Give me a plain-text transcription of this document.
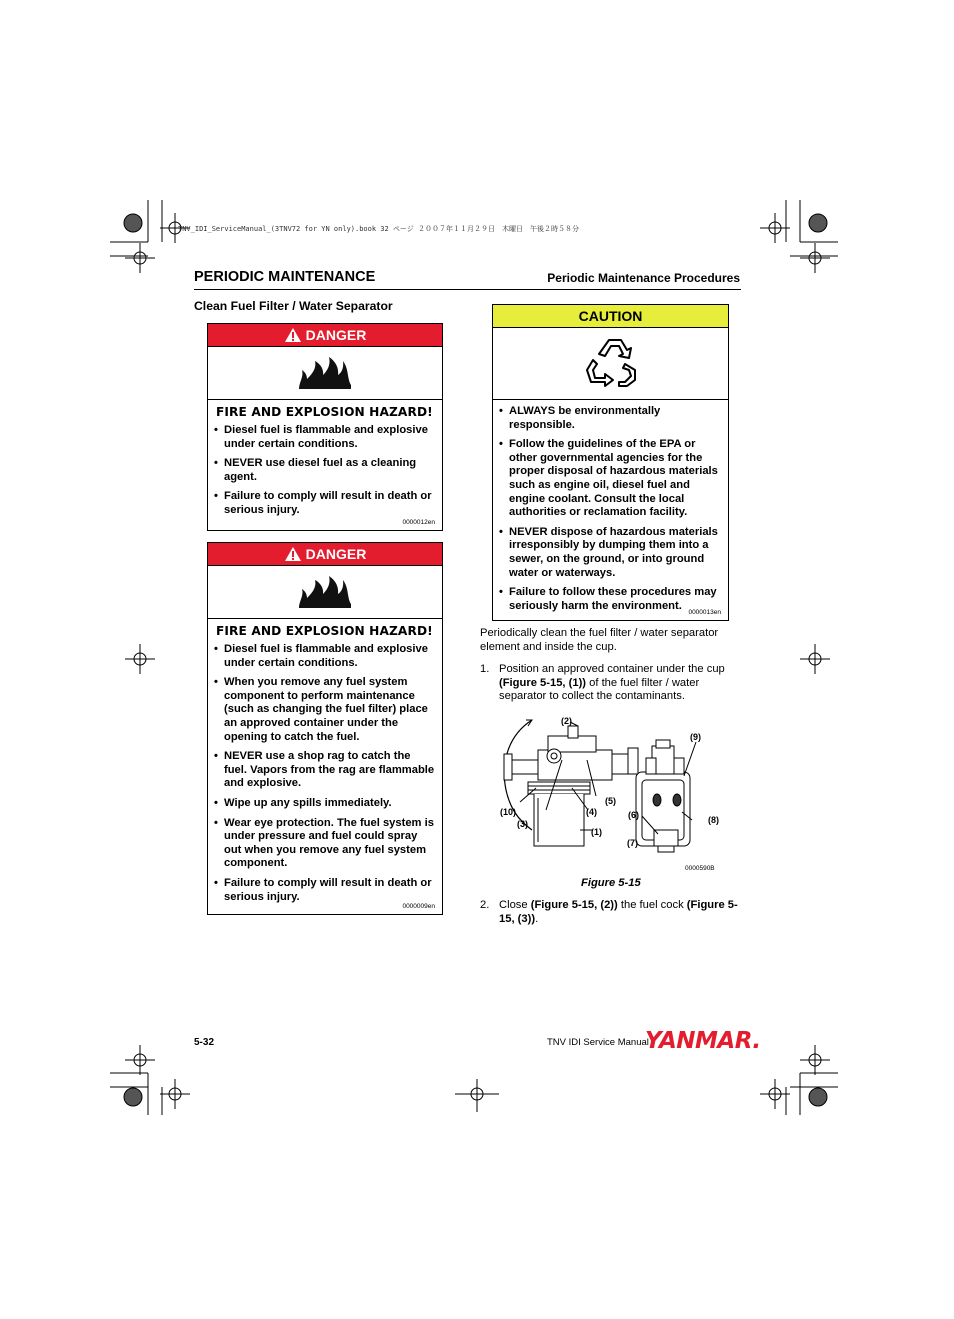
TNV_IDI_ServiceManual_(3TNV72 for YN only).book 32 ページ ２００７年１１月２９日　木曜日　午後２時５８分
PERIODIC MAINTENANCE	Periodic Maintenance Procedures
Clean Fuel Filter / Water Separator
DANGER
FIRE AND EXPLOSION HAZARD!
• Diesel fuel is flammable and explosive under certain conditions.
• NEVER use diesel fuel as a cleaning agent.
• Failure to comply will result in death or serious injury.
0000012en
DANGER
FIRE AND EXPLOSION HAZARD!
• Diesel fuel is flammable and explosive under certain conditions.
• When you remove any fuel system component to perform maintenance (such as changing the fuel filter) place an approved container under the opening to catch the fuel.
• NEVER use a shop rag to catch the fuel. Vapors from the rag are flammable and explosive.
• Wipe up any spills immediately.
• Wear eye protection. The fuel system is under pressure and fuel could spray out when you remove any fuel system component.
• Failure to comply will result in death or serious injury.
0000009en
CAUTION
• ALWAYS be environmentally responsible.
• Follow the guidelines of the EPA or other governmental agencies for the proper disposal of hazardous materials such as engine oil, diesel fuel and engine coolant. Consult the local authorities or reclamation facility.
• NEVER dispose of hazardous materials irresponsibly by dumping them into a sewer, on the ground, or into ground water or waterways.
• Failure to follow these procedures may seriously harm the environment.
0000013en
Periodically clean the fuel filter / water separator element and inside the cup.
1. Position an approved container under the cup (Figure 5-15, (1)) of the fuel filter / water separator to collect the contaminants.
0000590B
(2)
(9)
(5)
(10)	(4)	(6)	(8)
(3)
(1)
(7)
Figure 5-15
2. Close (Figure 5-15, (2)) the fuel cock (Figure 5-15, (3)).
5-32	TNV IDI Service Manual
YANMAR.
